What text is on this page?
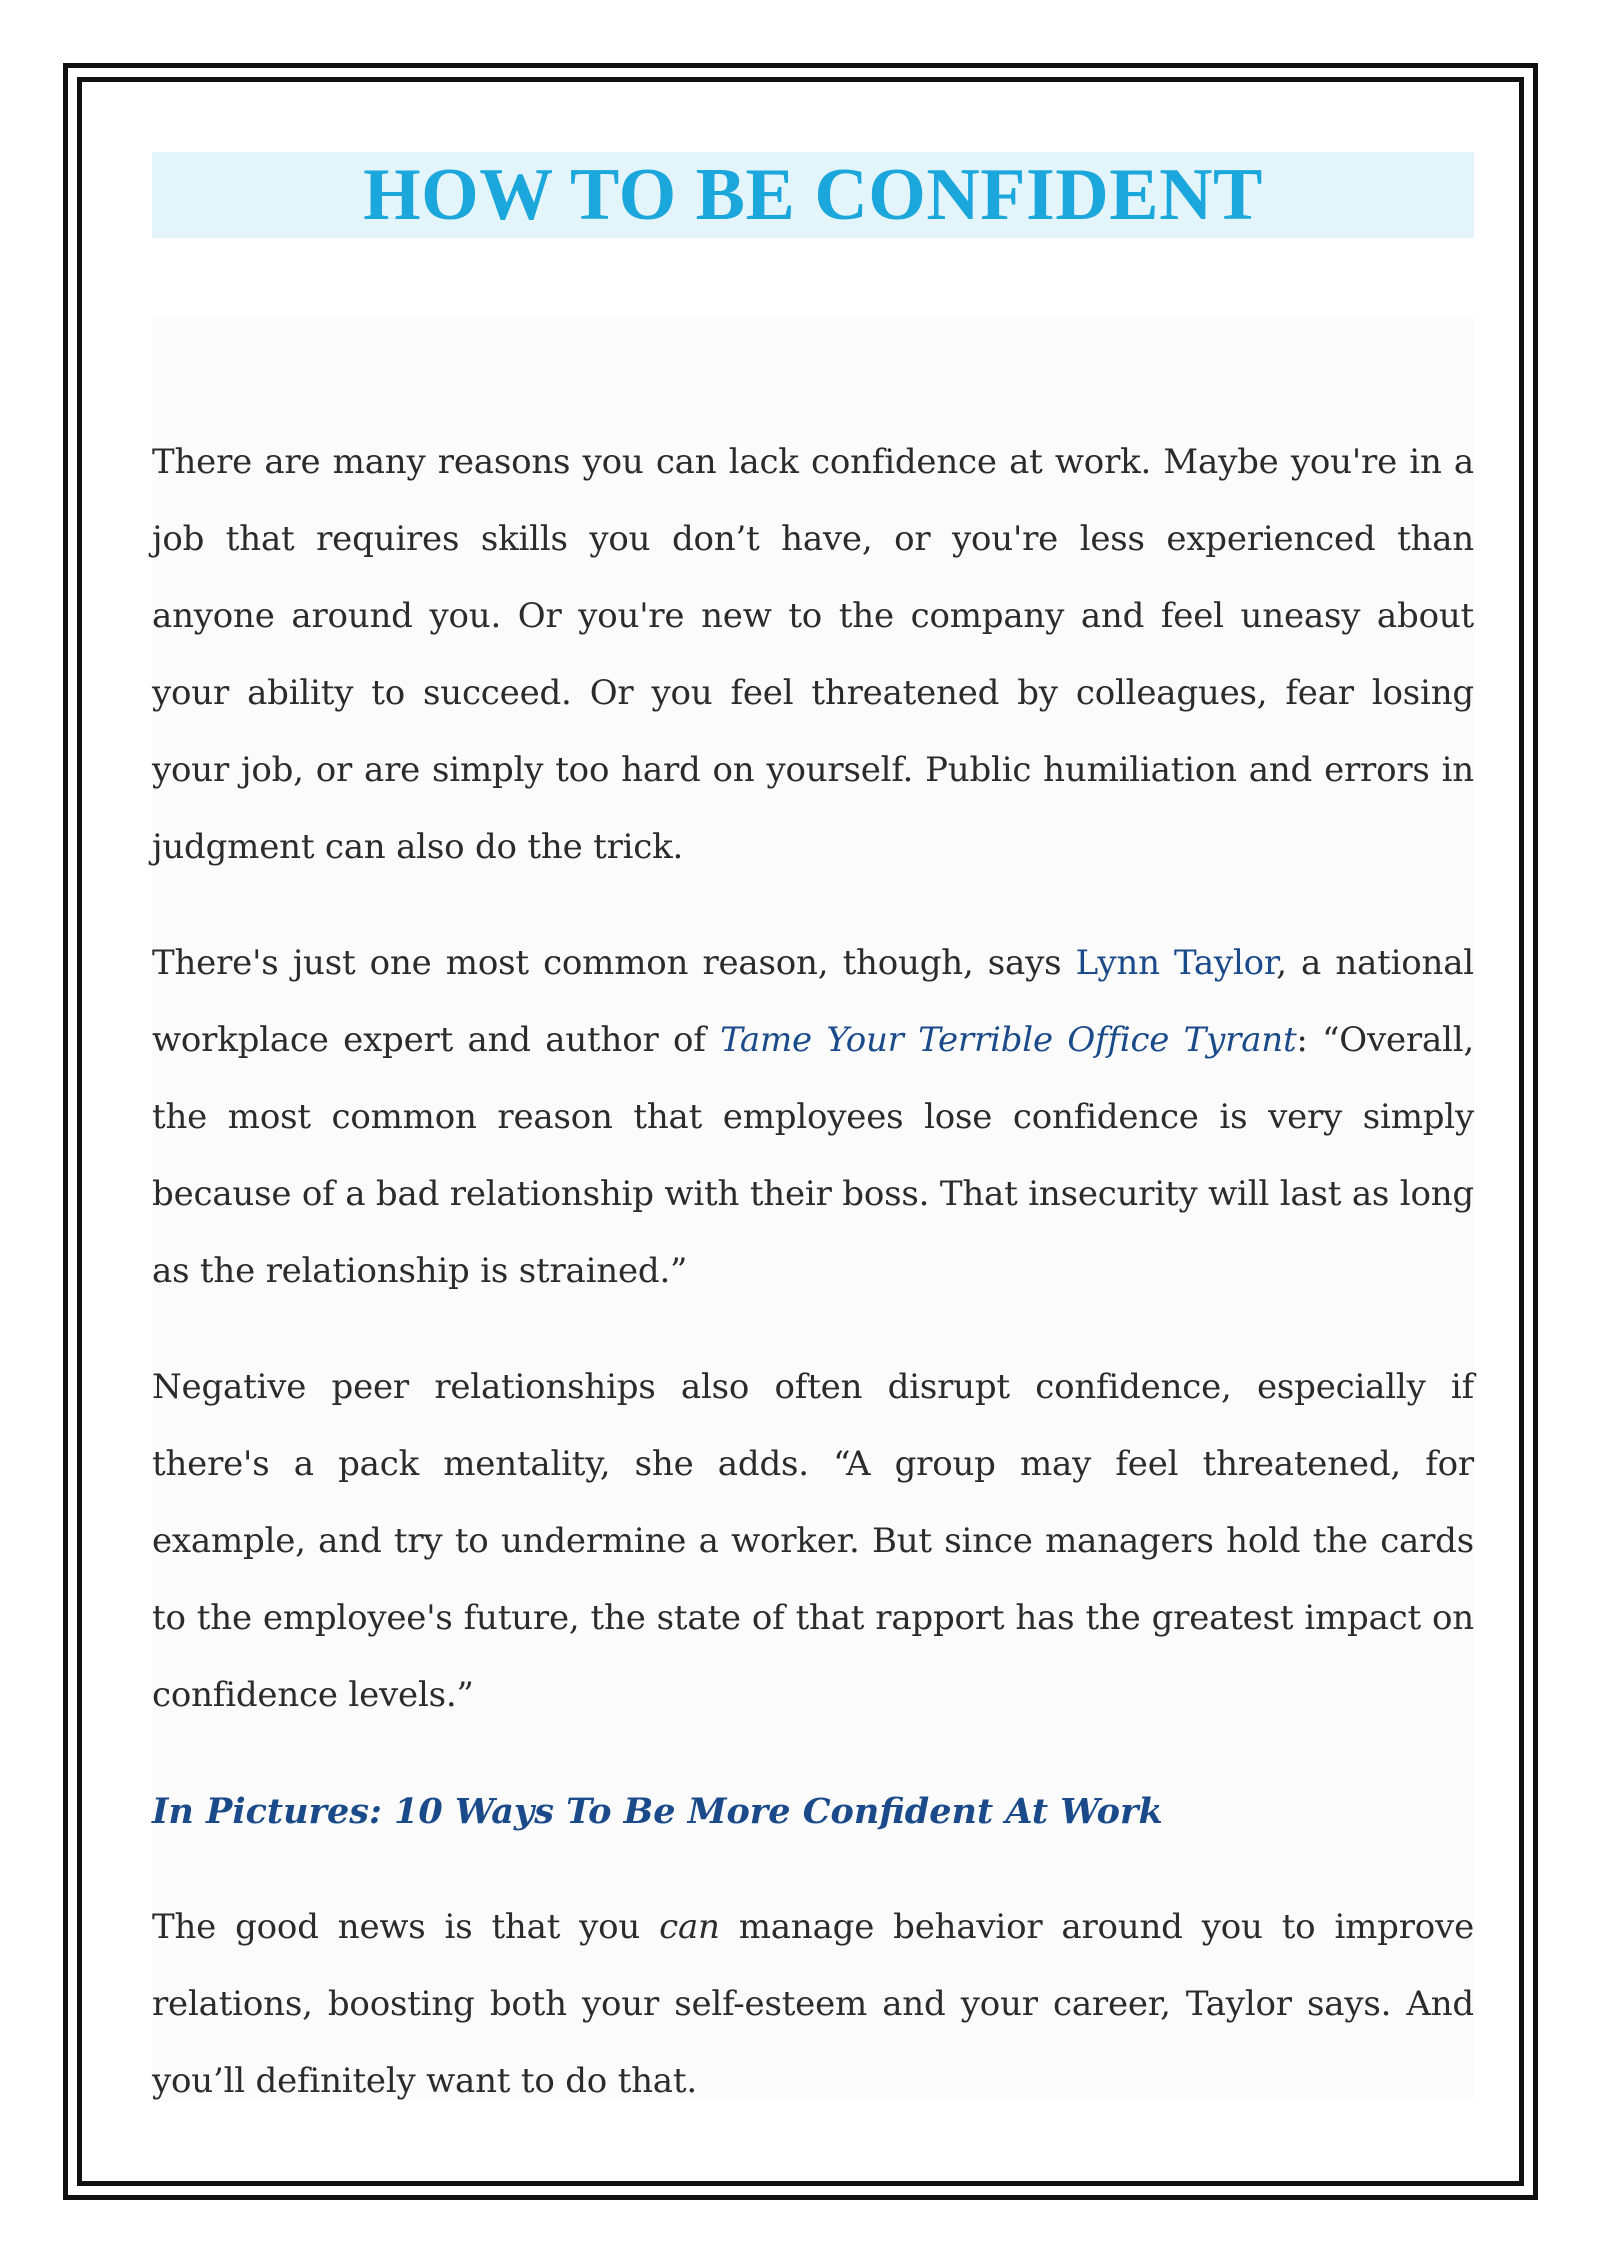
HOW TO BE CONFIDENT

There are many reasons you can lack confidence at work. Maybe you're in a job that requires skills you don’t have, or you're less experienced than anyone around you. Or you're new to the company and feel uneasy about your ability to succeed. Or you feel threatened by colleagues, fear losing your job, or are simply too hard on yourself. Public humiliation and errors in judgment can also do the trick.

There's just one most common reason, though, says Lynn Taylor, a national workplace expert and author of Tame Your Terrible Office Tyrant: “Overall, the most common reason that employees lose confidence is very simply because of a bad relationship with their boss. That insecurity will last as long as the relationship is strained.”

Negative peer relationships also often disrupt confidence, especially if there's a pack mentality, she adds. “A group may feel threatened, for example, and try to undermine a worker. But since managers hold the cards to the employee's future, the state of that rapport has the greatest impact on confidence levels.”

In Pictures: 10 Ways To Be More Confident At Work

The good news is that you can manage behavior around you to improve relations, boosting both your self-esteem and your career, Taylor says. And you’ll definitely want to do that.
